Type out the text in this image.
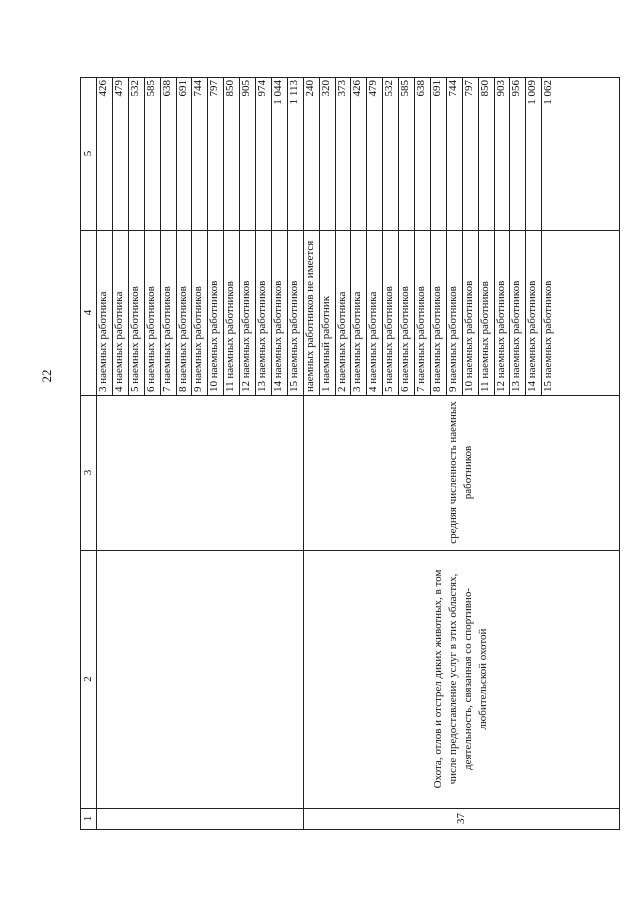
22
1
2
3
4
5
3 наемных работника
426
4 наемных работника
479
5 наемных работников
532
6 наемных работников
585
7 наемных работников
638
8 наемных работников
691
9 наемных работников
744
10 наемных работников
797
11 наемных работников
850
12 наемных работников
905
13 наемных работников
974
14 наемных работников
1 044
15 наемных работников
1 113
наемных работников не имеется
240
1 наемный работник
320
2 наемных работника
373
3 наемных работника
426
4 наемных работника
479
5 наемных работников
532
6 наемных работников
585
7 наемных работников
638
8 наемных работников
691
9 наемных работников
744
10 наемных работников
797
11 наемных работников
850
12 наемных работников
903
13 наемных работников
956
14 наемных работников
1 009
15 наемных работников
1 062
37
Охота, отлов и отстрел диких животных, в том числе предоставление услуг в этих областях, деятельность, связанная со спортивно-любительской охотой
средняя численность наемных работников
